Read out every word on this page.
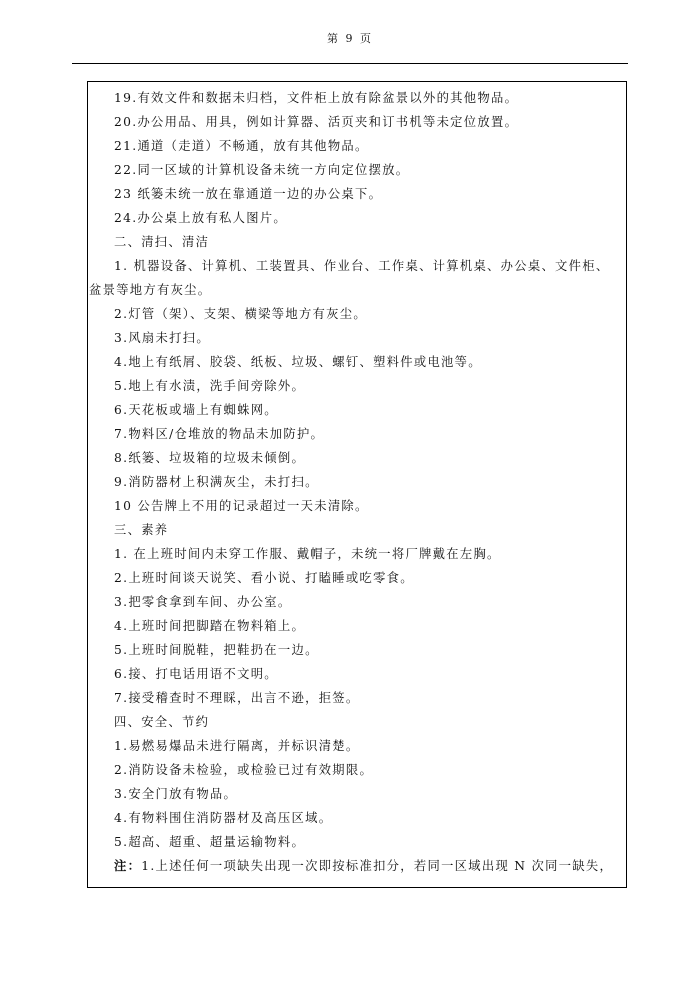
第 9 页
19.有效文件和数据未归档，文件柜上放有除盆景以外的其他物品。
20.办公用品、用具，例如计算器、活页夹和订书机等未定位放置。
21.通道（走道）不畅通，放有其他物品。
22.同一区域的计算机设备未统一方向定位摆放。
23 纸篓未统一放在靠通道一边的办公桌下。
24.办公桌上放有私人图片。
二、清扫、清洁
1. 机器设备、计算机、工装置具、作业台、工作桌、计算机桌、办公桌、文件柜、
盆景等地方有灰尘。
2.灯管（架）、支架、横梁等地方有灰尘。
3.风扇未打扫。
4.地上有纸屑、胶袋、纸板、垃圾、螺钉、塑料件或电池等。
5.地上有水渍，洗手间旁除外。
6.天花板或墙上有蜘蛛网。
7.物料区/仓堆放的物品未加防护。
8.纸篓、垃圾箱的垃圾未倾倒。
9.消防器材上积满灰尘，未打扫。
10 公告牌上不用的记录超过一天未清除。
三、素养
1. 在上班时间内未穿工作服、戴帽子，未统一将厂牌戴在左胸。
2.上班时间谈天说笑、看小说、打瞌睡或吃零食。
3.把零食拿到车间、办公室。
4.上班时间把脚踏在物料箱上。
5.上班时间脱鞋，把鞋扔在一边。
6.接、打电话用语不文明。
7.接受稽查时不理睬，出言不逊，拒签。
四、安全、节约
1.易燃易爆品未进行隔离，并标识清楚。
2.消防设备未检验，或检验已过有效期限。
3.安全门放有物品。
4.有物料围住消防器材及高压区域。
5.超高、超重、超量运输物料。
注：1.上述任何一项缺失出现一次即按标准扣分，若同一区域出现 N 次同一缺失，
